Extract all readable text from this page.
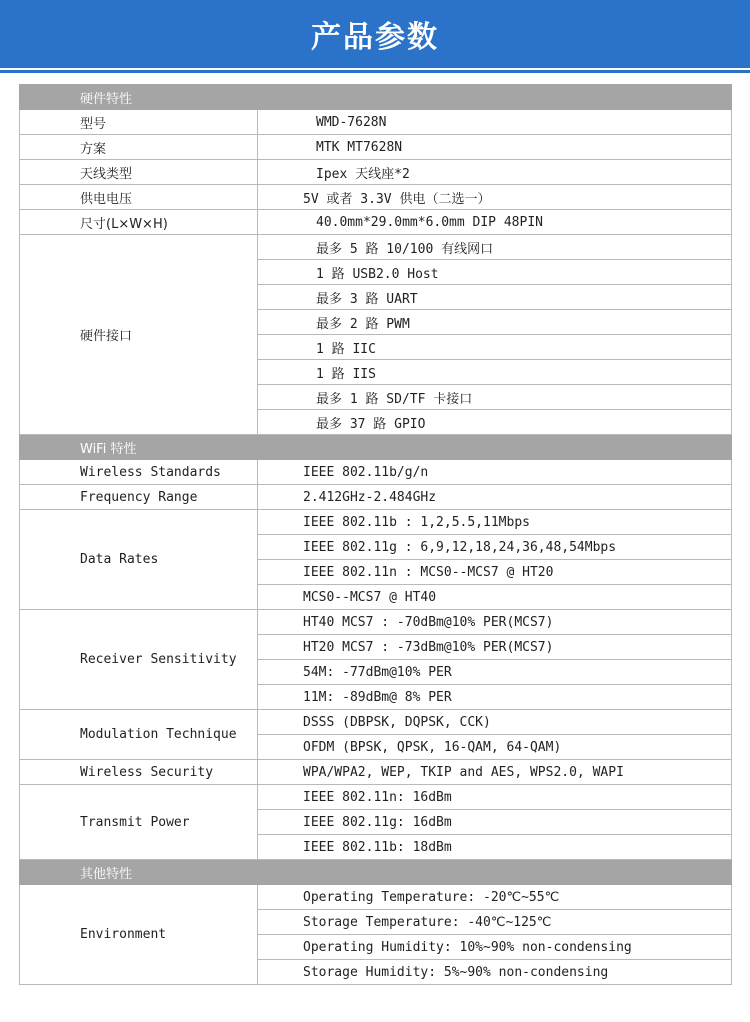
产品参数
硬件特性	
型号	WMD-7628N
方案	MTK MT7628N
天线类型	Ipex 天线座*2
供电电压	5V 或者 3.3V 供电（二选一）
尺寸(L×W×H)	40.0mm*29.0mm*6.0mm DIP 48PIN
硬件接口	最多 5 路 10/100 有线网口
	1 路 USB2.0 Host
	最多 3 路 UART
	最多 2 路 PWM
	1 路 IIC
	1 路 IIS
	最多 1 路 SD/TF 卡接口
	最多 37 路 GPIO
WiFi 特性	
Wireless Standards	IEEE 802.11b/g/n
Frequency Range	2.412GHz-2.484GHz
Data Rates	IEEE 802.11b : 1,2,5.5,11Mbps
	IEEE 802.11g : 6,9,12,18,24,36,48,54Mbps
	IEEE 802.11n : MCS0--MCS7 @ HT20
	MCS0--MCS7 @ HT40
Receiver Sensitivity	HT40 MCS7 : -70dBm@10% PER(MCS7)
	HT20 MCS7 : -73dBm@10% PER(MCS7)
	54M: -77dBm@10% PER
	11M: -89dBm@ 8% PER
Modulation Technique	DSSS (DBPSK, DQPSK, CCK)
	OFDM (BPSK, QPSK, 16-QAM, 64-QAM)
Wireless Security	WPA/WPA2, WEP, TKIP and AES, WPS2.0, WAPI
Transmit Power	IEEE 802.11n: 16dBm
	IEEE 802.11g: 16dBm
	IEEE 802.11b: 18dBm
其他特性	
Environment	Operating Temperature: -20℃~55℃
	Storage Temperature: -40℃~125℃
	Operating Humidity: 10%~90% non-condensing
	Storage Humidity: 5%~90% non-condensing
